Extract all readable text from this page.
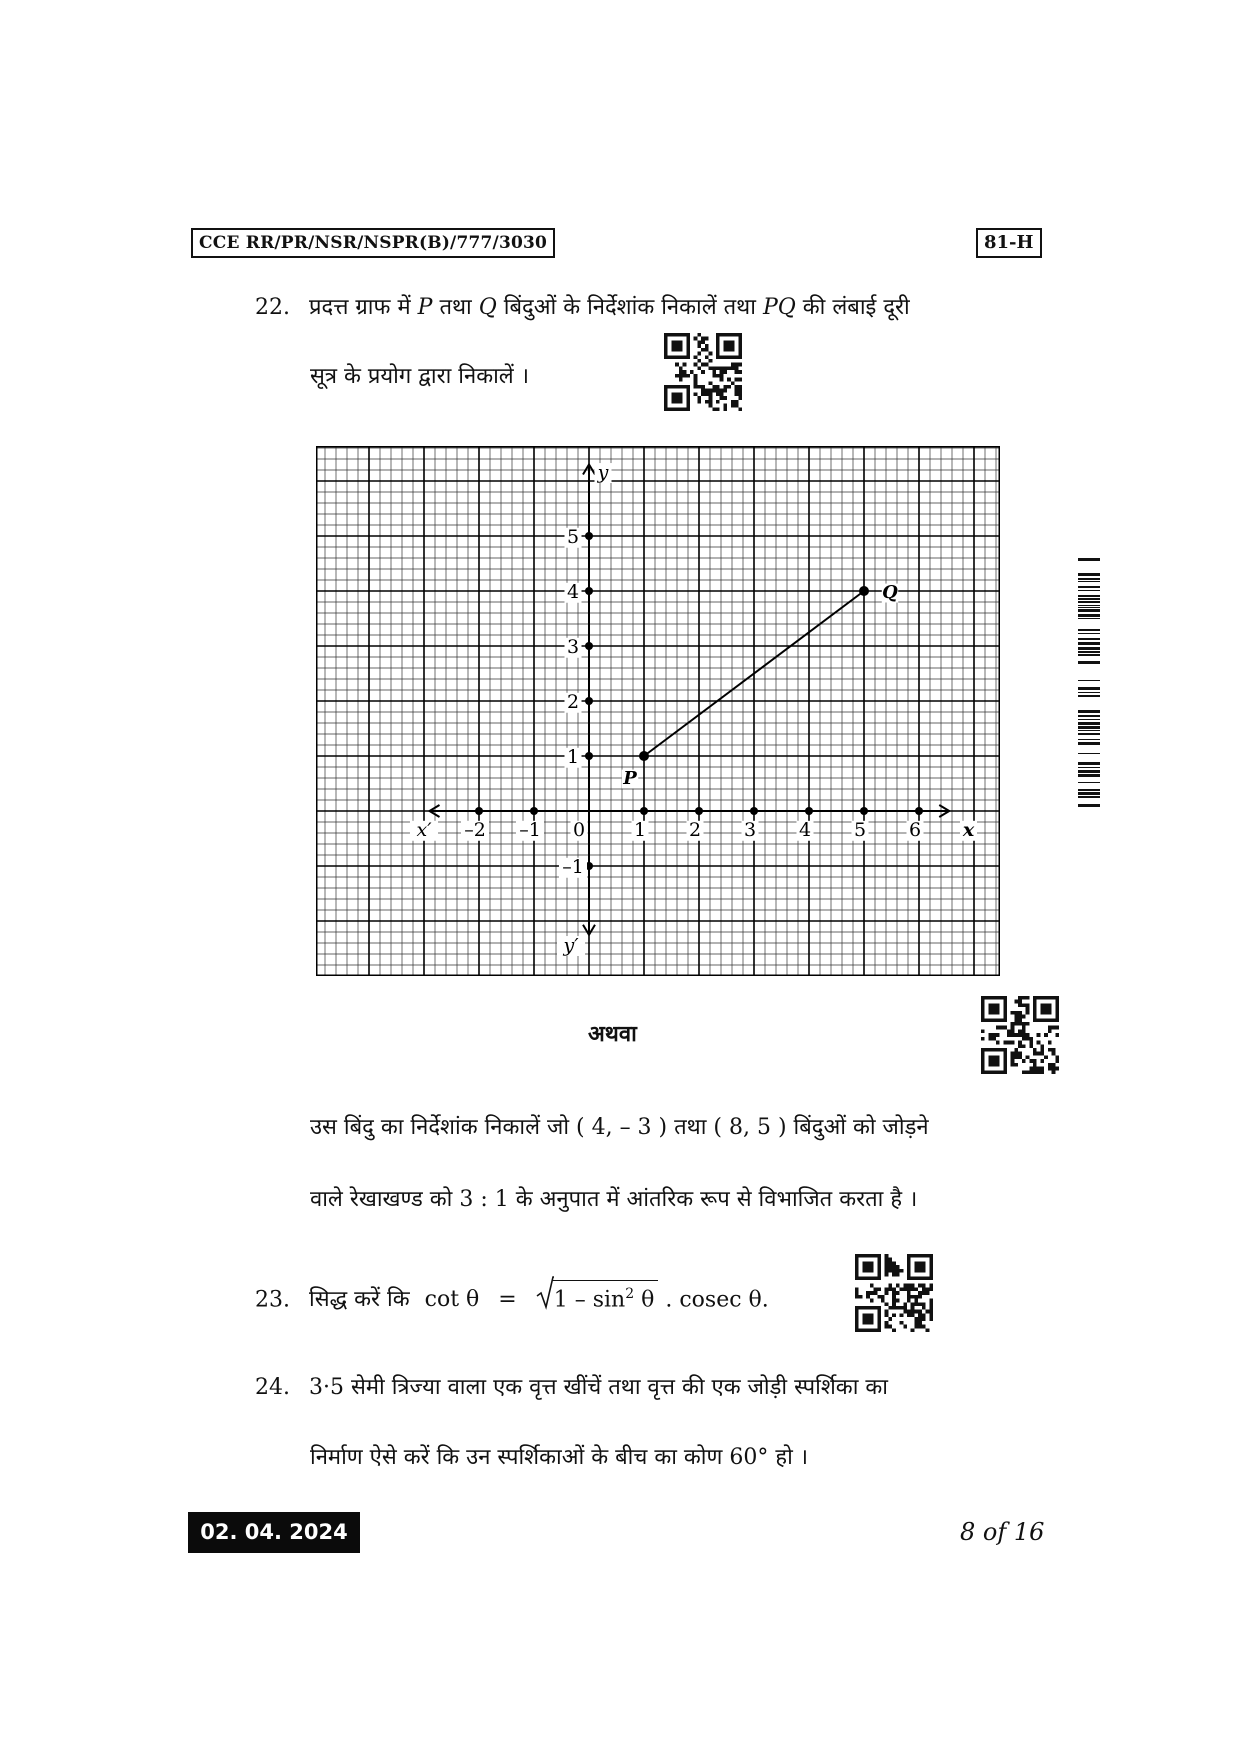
CCE RR/PR/NSR/NSPR(B)/777/3030	81-H
22. प्रदत्त ग्राफ में P तथा Q बिंदुओं के निर्देशांक निकालें तथा PQ की लंबाई दूरी
सूत्र के प्रयोग द्वारा निकालें ।
–2 –1 0	1 2 3 4 5 6
1
2
3
4
5
–1
x
x′
y
y′
P
Q
अथवा
उस बिंदु का निर्देशांक निकालें जो ( 4, – 3 ) तथा ( 8, 5 ) बिंदुओं को जोड़ने
वाले रेखाखण्ड को 3 : 1 के अनुपात में आंतरिक रूप से विभाजित करता है ।
23. सिद्ध करें कि $\cot \theta = 1 - \sin^2 \theta$ . cosec θ.
24. 3·5 सेमी त्रिज्या वाला एक वृत्त खींचें तथा वृत्त की एक जोड़ी स्पर्शिका का
निर्माण ऐसे करें कि उन स्पर्शिकाओं के बीच का कोण 60° हो ।
02. 04. 2024	8 of 16
